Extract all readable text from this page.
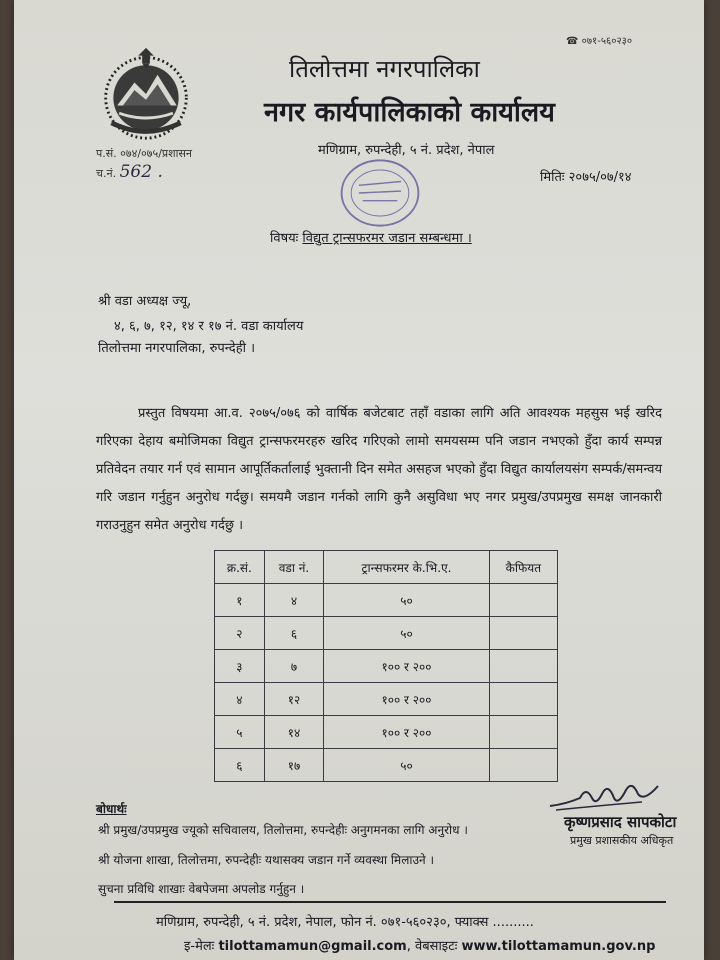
☎ ०७१-५६०२३०
तिलोत्तमा नगरपालिका
नगर कार्यपालिकाको कार्यालय
मणिग्राम, रुपन्देही, ५ नं. प्रदेश, नेपाल
प.सं. ०७४/०७५/प्रशासन
च.नं. 562 .	मितिः २०७५/०७/१४
विषयः विद्युत ट्रान्सफरमर जडान सम्बन्धमा ।
श्री वडा अध्यक्ष ज्यू,
४, ६, ७, १२, १४ र १७ नं. वडा कार्यालय
तिलोत्तमा नगरपालिका, रुपन्देही ।
प्रस्तुत विषयमा आ.व. २०७५/०७६ को वार्षिक बजेटबाट तहाँ वडाका लागि अति आवश्यक महसुस भई खरिद गरिएका देहाय बमोजिमका विद्युत ट्रान्सफरमरहरु खरिद गरिएको लामो समयसम्म पनि जडान नभएको हुँदा कार्य सम्पन्न प्रतिवेदन तयार गर्न एवं सामान आपूर्तिकर्तालाई भुक्तानी दिन समेत असहज भएको हुँदा विद्युत कार्यालयसंग सम्पर्क/समन्वय गरि जडान गर्नुहुन अनुरोध गर्दछु। समयमै जडान गर्नको लागि कुनै असुविधा भए नगर प्रमुख/उपप्रमुख समक्ष जानकारी गराउनुहुन समेत अनुरोध गर्दछु ।
क्र.सं.	वडा नं.	ट्रान्सफरमर के.भि.ए.	कैफियत
१	४	५०	
२	६	५०	
३	७	१०० र २००	
४	१२	१०० र २००	
५	१४	१०० र २००	
६	१७	५०	
कृष्णप्रसाद सापकोटा
प्रमुख प्रशासकीय अधिकृत
बोधार्थः
श्री प्रमुख/उपप्रमुख ज्यूको सचिवालय, तिलोत्तमा, रुपन्देहीः अनुगमनका लागि अनुरोध ।
श्री योजना शाखा, तिलोत्तमा, रुपन्देहीः यथासक्य जडान गर्ने व्यवस्था मिलाउने ।
सुचना प्रविधि शाखाः वेबपेजमा अपलोड गर्नुहुन ।
मणिग्राम, रुपन्देही, ५ नं. प्रदेश, नेपाल, फोन नं. ०७१-५६०२३०, फ्याक्स ..........
इ-मेलः tilottamamun@gmail.com, वेबसाइटः www.tilottamamun.gov.np
